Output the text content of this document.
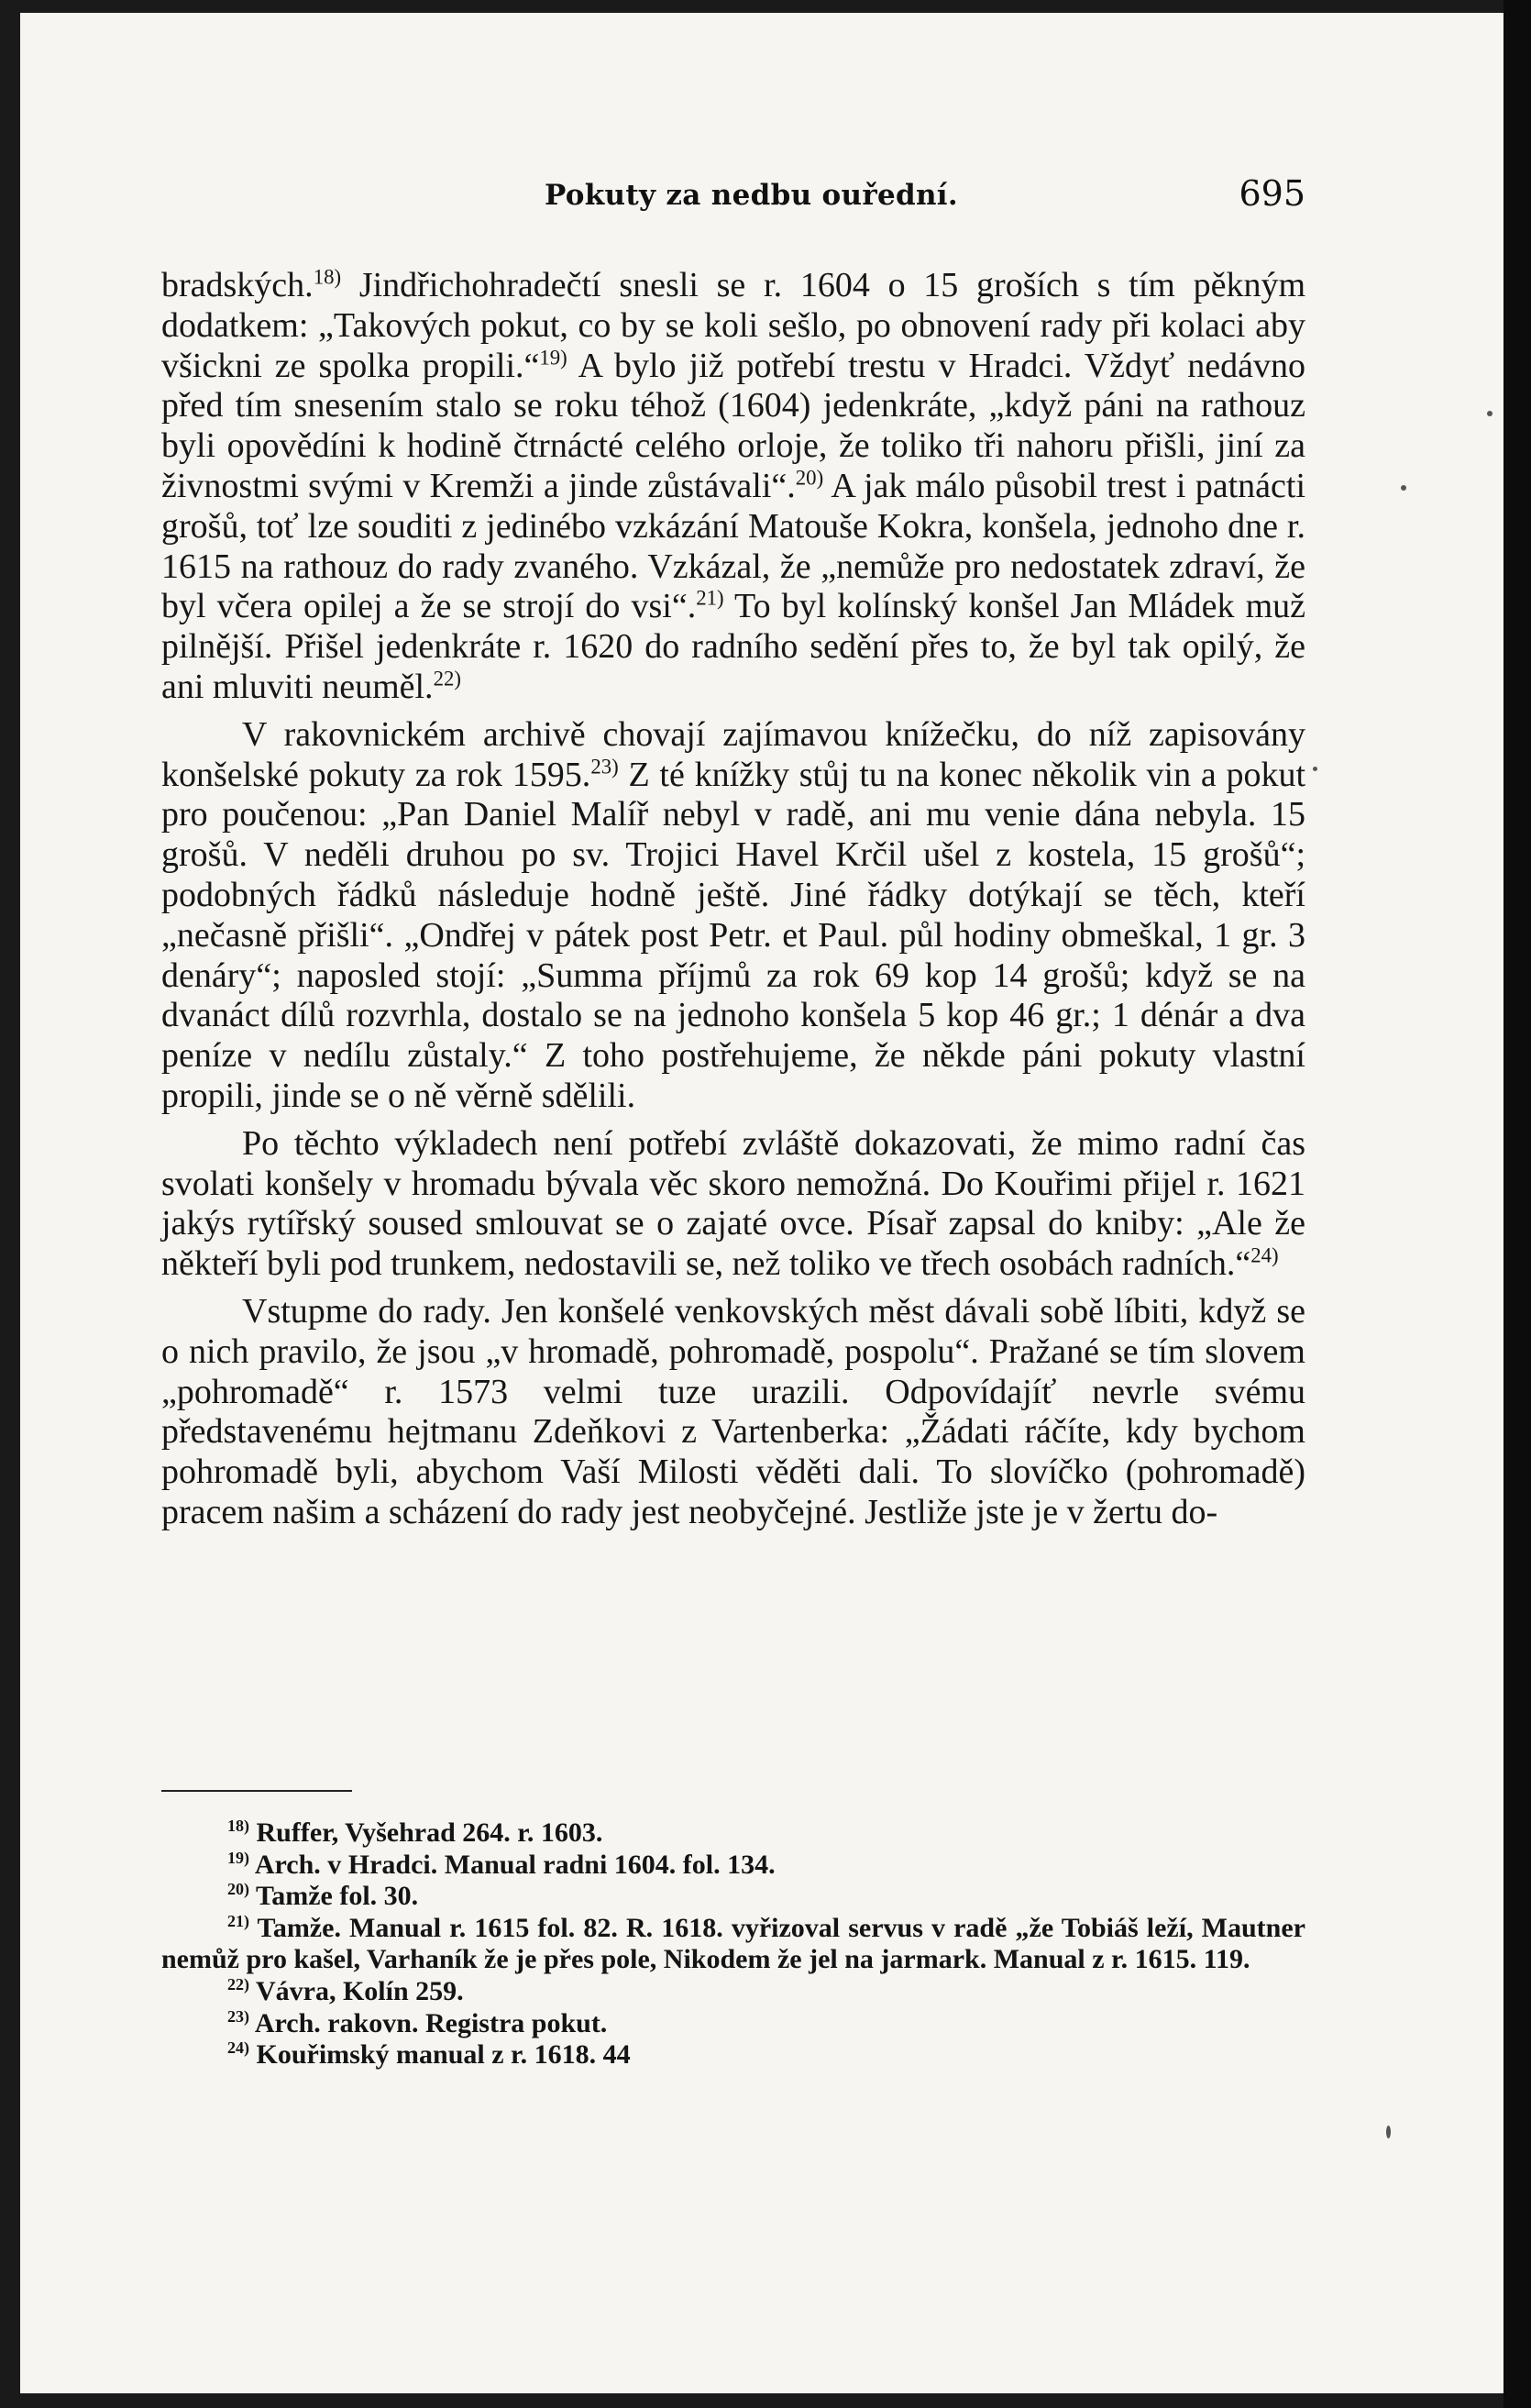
Pokuty za nedbu ouřední.	695

bradských.$^{18)}$ Jindřichohradečtí snesli se r. 1604 o 15 groších s tím pěkným dodatkem: „Takových pokut, co by se koli sešlo, po obnovení rady při kolaci aby všickni ze spolka propili.“$^{19)}$ A bylo již potřebí trestu v Hradci. Vždyť nedávno před tím snesením stalo se roku téhož (1604) jedenkráte, „když páni na rathouz byli opovědíni k hodině čtrnácté celého orloje, že toliko tři nahoru přišli, jiní za živnostmi svými v Kremži a jinde zůstávali“.$^{20)}$ A jak málo působil trest i patnácti grošů, toť lze souditi z jedinébo vzkázání Matouše Kokra, konšela, jednoho dne r. 1615 na rathouz do rady zvaného. Vzkázal, že „nemůže pro nedostatek zdraví, že byl včera opilej a že se strojí do vsi“.$^{21)}$ To byl kolínský konšel Jan Mládek muž pilnější. Přišel jedenkráte r. 1620 do radního sedění přes to, že byl tak opilý, že ani mluviti neuměl.$^{22)}$

V rakovnickém archivě chovají zajímavou knížečku, do níž zapisovány konšelské pokuty za rok 1595.$^{23)}$ Z té knížky stůj tu na konec několik vin a pokut pro poučenou: „Pan Daniel Malíř nebyl v radě, ani mu venie dána nebyla. 15 grošů. V neděli druhou po sv. Trojici Havel Krčil ušel z kostela, 15 grošů“; podobných řádků následuje hodně ještě. Jiné řádky dotýkají se těch, kteří „nečasně přišli“. „Ondřej v pátek post Petr. et Paul. půl hodiny obmeškal, 1 gr. 3 denáry“; naposled stojí: „Summa příjmů za rok 69 kop 14 grošů; když se na dvanáct dílů rozvrhla, dostalo se na jednoho konšela 5 kop 46 gr.; 1 dénár a dva peníze v nedílu zůstaly.“ Z toho postřehujeme, že někde páni pokuty vlastní propili, jinde se o ně věrně sdělili.

Po těchto výkladech není potřebí zvláště dokazovati, že mimo radní čas svolati konšely v hromadu bývala věc skoro nemožná. Do Kouřimi přijel r. 1621 jakýs rytířský soused smlouvat se o zajaté ovce. Písař zapsal do kniby: „Ale že někteří byli pod trunkem, nedostavili se, než toliko ve třech osobách radních.“$^{24)}$

Vstupme do rady. Jen konšelé venkovských měst dávali sobě líbiti, když se o nich pravilo, že jsou „v hromadě, pohromadě, pospolu“. Pražané se tím slovem „pohromadě“ r. 1573 velmi tuze urazili. Odpovídajíť nevrle svému představenému hejtmanu Zdeňkovi z Vartenberka: „Žádati ráčíte, kdy bychom pohromadě byli, abychom Vaší Milosti věděti dali. To slovíčko (pohromadě) pracem našim a scházení do rady jest neobyčejné. Jestliže jste je v žertu do-

$^{18)}$ Ruffer, Vyšehrad 264. r. 1603.
$^{19)}$ Arch. v Hradci. Manual radni 1604. fol. 134.
$^{20)}$ Tamže fol. 30.
$^{21)}$ Tamže. Manual r. 1615 fol. 82. R. 1618. vyřizoval servus v radě „že Tobiáš leží, Mautner nemůž pro kašel, Varhaník že je přes pole, Nikodem že jel na jarmark. Manual z r. 1615. 119.
$^{22)}$ Vávra, Kolín 259.
$^{23)}$ Arch. rakovn. Registra pokut.
$^{24)}$ Kouřimský manual z r. 1618. 44
